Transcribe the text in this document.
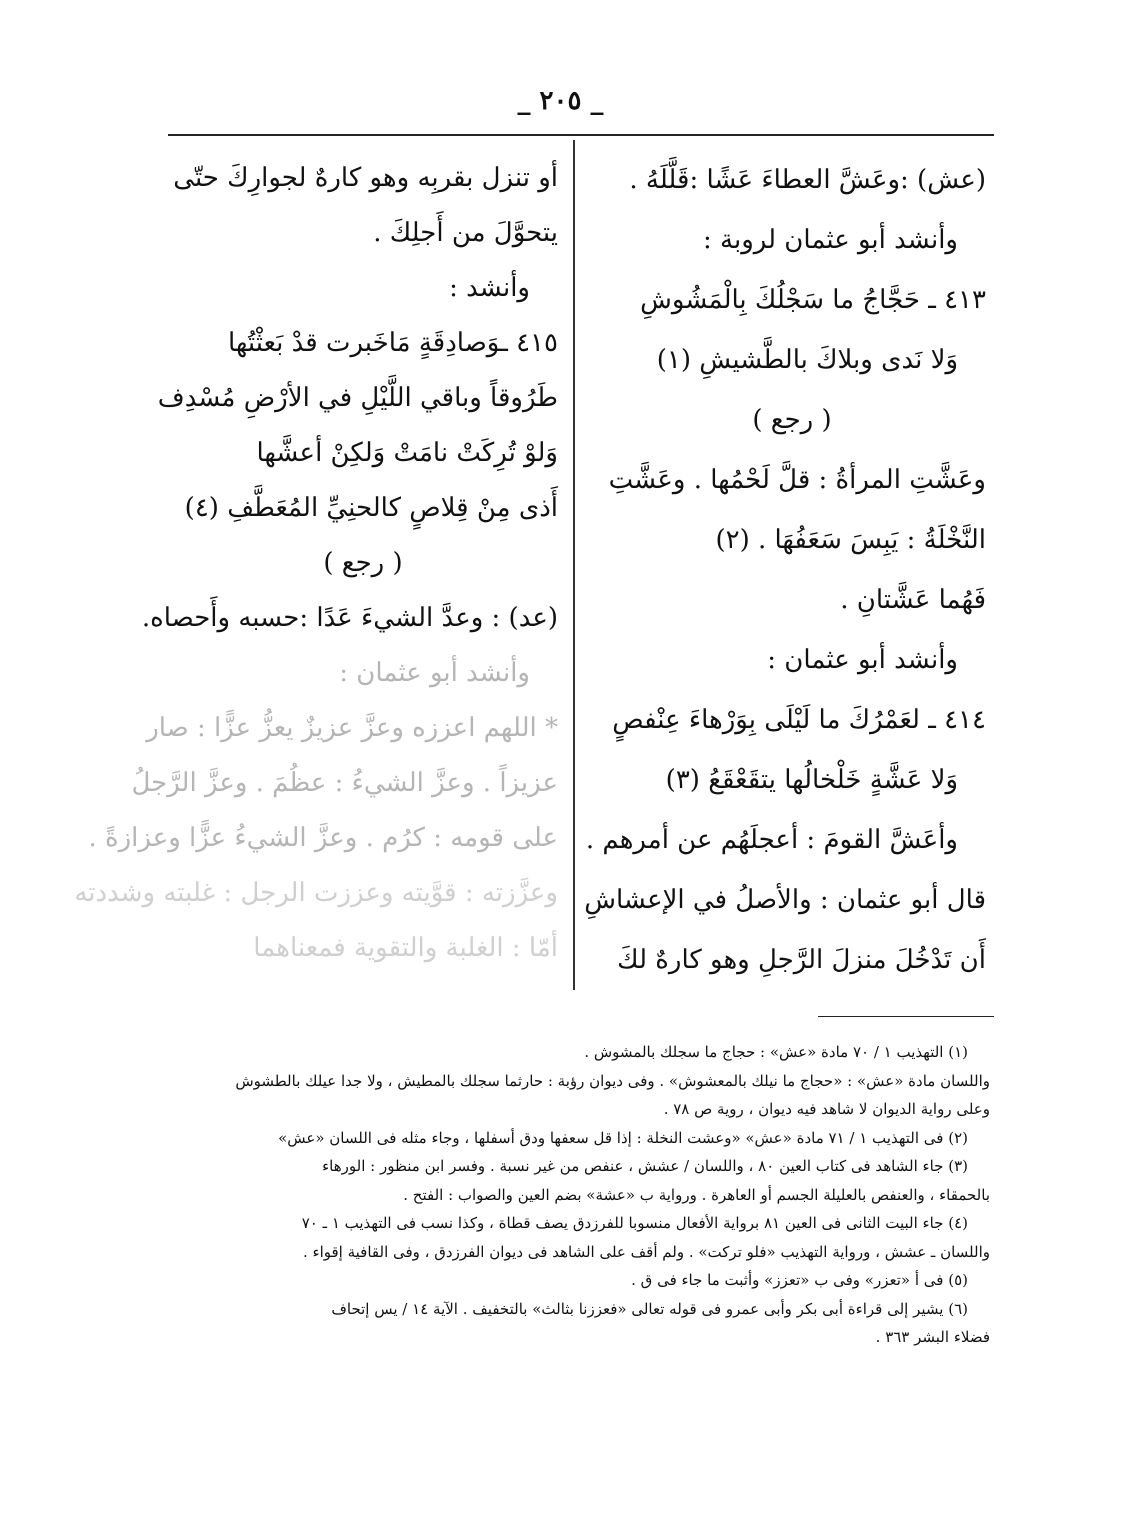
_ ٢٠٥ _
(عش) :وعَشَّ العطاءَ عَشًا :قَلَّلَهُ .
وأنشد أبو عثمان لروبة :
٤١٣ ـ حَجَّاجُ ما سَجْلُكَ بِالْمَشُوشِ
وَلا نَدى وبلاكَ بالطَّشيشِ (١)
( رجع )
وعَشَّتِ المرأةُ : قلَّ لَحْمُها . وعَشَّتِ
النَّخْلَةُ : يَبِسَ سَعَفُهَا . (٢)
فَهُما عَشَّتانِ .
وأنشد أبو عثمان :
٤١٤ ـ لعَمْرُكَ ما لَيْلَى بِوَرْهاءَ عِنْفصٍ
وَلا عَشَّةٍ خَلْخالُها يتقَعْقَعُ (٣)
وأعَشَّ القومَ : أعجلَهُم عن أمرهم .
قال أبو عثمان : والأصلُ في الإعشاشِ
أَن تَدْخُلَ منزلَ الرَّجلِ وهو كارهٌ لكَ
أو تنزل بقربِه وهو كارهٌ لجوارِكَ حتّى
يتحوَّلَ من أَجلِكَ .
وأنشد :
٤١٥ ـوَصادِقَةٍ مَاخَبرت قدْ بَعثْتُها
طَرُوقاً وباقي اللَّيْلِ في الأرْضِ مُسْدِف
وَلوْ تُرِكَتْ نامَتْ وَلكِنْ أعشَّها
أَذى مِنْ قِلاصٍ كالحنِيِّ المُعَطَّفِ (٤)
( رجع )
(عد) : وعدَّ الشيءَ عَدًا :حسبه وأَحصاه.
وأنشد أبو عثمان :
* اللهم اعززه وعزَّ عزيزٌ يعزُّ عزًّا : صار
عزيزاً . وعزَّ الشيءُ : عظُمَ . وعزَّ الرَّجلُ
على قومه : كرُم . وعزَّ الشيءُ عزًّا وعزازةً .
وعزَّزته : قوَّيته وعززت الرجل : غلبته وشددته
أمّا : الغلبة والتقوية فمعناهما
(١) التهذيب ١ / ٧٠ مادة «عش» : حجاج ما سجلك بالمشوش .
واللسان مادة «عش» : «حجاج ما نيلك بالمعشوش» . وفى ديوان رؤبة : حارثما سجلك بالمطيش ، ولا جدا عيلك بالطشوش
وعلى رواية الديوان لا شاهد فيه ديوان ، روية ص ٧٨ .
(٢) فى التهذيب ١ / ٧١ مادة «عش» «وعشت النخلة : إذا قل سعفها ودق أسفلها ، وجاء مثله فى اللسان «عش»
(٣) جاء الشاهد فى كتاب العين ٨٠ ، واللسان / عشش ، عنفص من غير نسبة . وفسر ابن منظور : الورهاء
بالحمقاء ، والعنفص بالعليلة الجسم أو العاهرة . ورواية ب «عشة» بضم العين والصواب : الفتح .
(٤) جاء البيت الثانى فى العين ٨١ برواية الأفعال منسوبا للفرزدق يصف قطاة ، وكذا نسب فى التهذيب ١ ـ ٧٠
واللسان ـ عشش ، ورواية التهذيب «فلو تركت» . ولم أقف على الشاهد فى ديوان الفرزدق ، وفى القافية إقواء .
(٥) فى أ «تعزر» وفى ب «تعزز» وأثبت ما جاء فى ق .
(٦) يشير إلى قراءة أبى بكر وأبى عمرو فى قوله تعالى «فعززنا بثالث» بالتخفيف . الآية ١٤ / يس إتحاف
فضلاء البشر ٣٦٣ .
